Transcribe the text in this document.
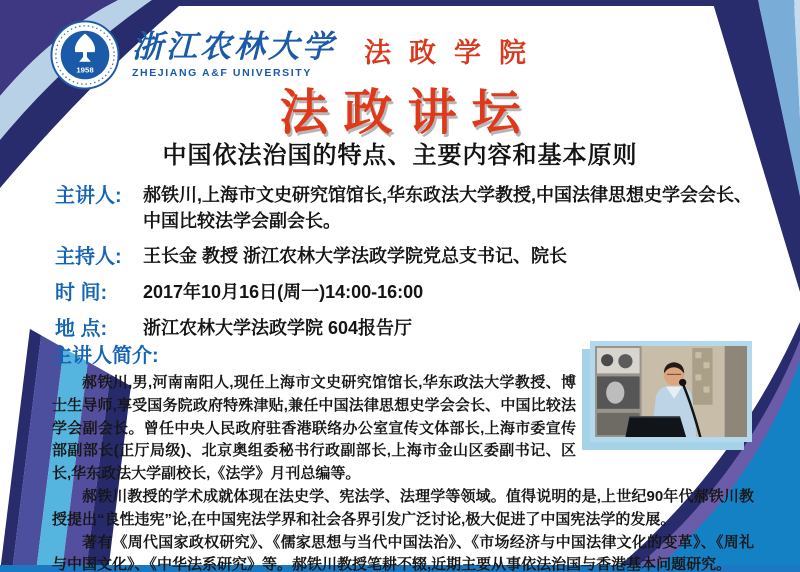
1958
浙江农林大学
ZHEJIANG A&F UNIVERSITY
法政学院
法政讲坛
中国依法治国的特点、主要内容和基本原则
主讲人:	郝铁川,上海市文史研究馆馆长,华东政法大学教授,中国法律思想史学会会长、中国比较法学会副会长。
主持人:	王长金 教授 浙江农林大学法政学院党总支书记、院长
时 间:	2017年10月16日(周一)14:00-16:00
地 点:	浙江农林大学法政学院 604报告厅
主讲人简介:

郝铁川,男,河南南阳人,现任上海市文史研究馆馆长,华东政法大学教授、博士生导师,享受国务院政府特殊津贴,兼任中国法律思想史学会会长、中国比较法学会副会长。曾任中央人民政府驻香港联络办公室宣传文体部长,上海市委宣传部副部长(正厅局级)、北京奥组委秘书行政副部长,上海市金山区委副书记、区长,华东政法大学副校长,《法学》月刊总编等。

郝铁川教授的学术成就体现在法史学、宪法学、法理学等领域。值得说明的是,上世纪90年代郝铁川教授提出“良性违宪”论,在中国宪法学界和社会各界引发广泛讨论,极大促进了中国宪法学的发展。

著有《周代国家政权研究》、《儒家思想与当代中国法治》、《市场经济与中国法律文化的变革》、《周礼与中国文化》、《中华法系研究》等。郝铁川教授笔耕不辍,近期主要从事依法治国与香港基本问题研究。
